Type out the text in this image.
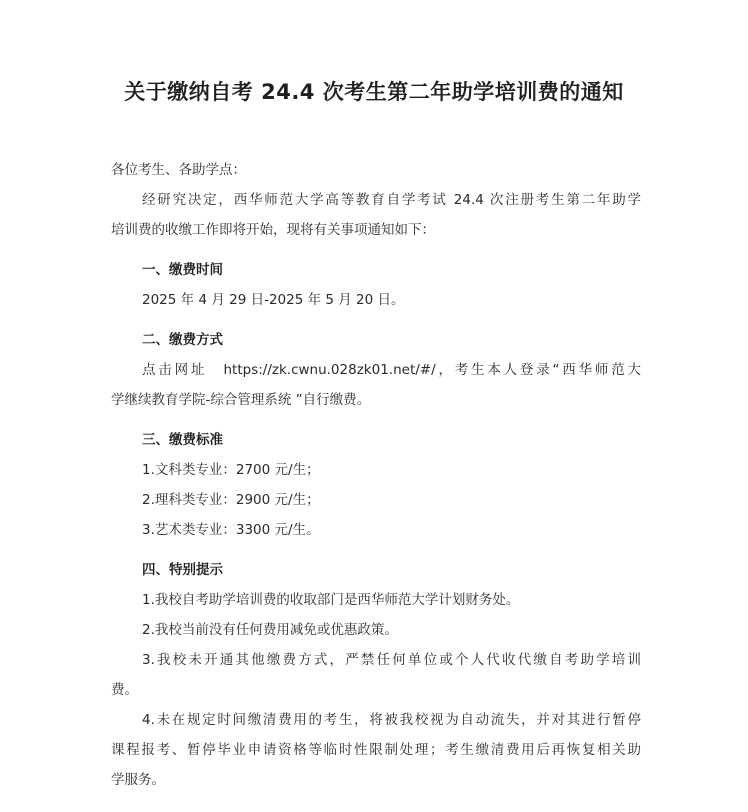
关于缴纳自考 24.4 次考生第二年助学培训费的通知
各位考生、各助学点：
经研究决定，西华师范大学高等教育自学考试 24.4 次注册考生第二年助学
培训费的收缴工作即将开始，现将有关事项通知如下：
一、缴费时间
2025 年 4 月 29 日-2025 年 5 月 20 日。
二、缴费方式
点击网址　https://zk.cwnu.028zk01.net/#/，考生本人登录“西华师范大
学继续教育学院-综合管理系统 ”自行缴费。
三、缴费标准
1.文科类专业：2700 元/生；
2.理科类专业：2900 元/生；
3.艺术类专业：3300 元/生。
四、特别提示
1.我校自考助学培训费的收取部门是西华师范大学计划财务处。
2.我校当前没有任何费用减免或优惠政策。
3.我校未开通其他缴费方式，严禁任何单位或个人代收代缴自考助学培训
费。
4.未在规定时间缴清费用的考生，将被我校视为自动流失，并对其进行暂停
课程报考、暂停毕业申请资格等临时性限制处理；考生缴清费用后再恢复相关助
学服务。
